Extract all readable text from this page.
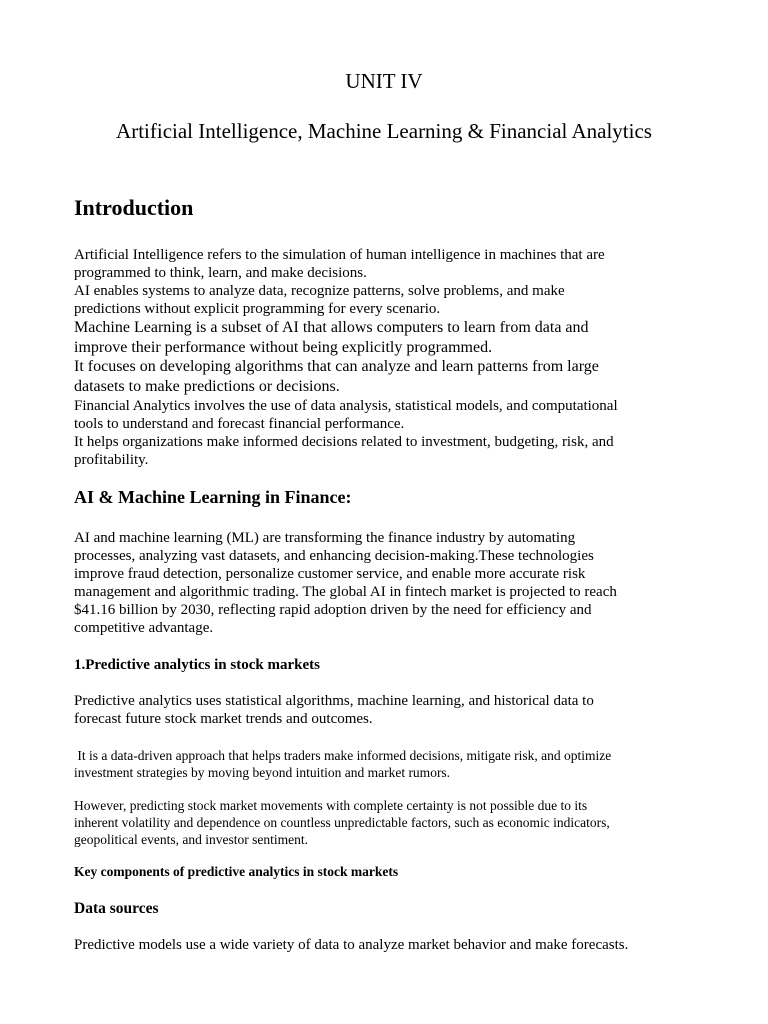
UNIT IV
Artificial Intelligence, Machine Learning & Financial Analytics
Introduction
Artificial Intelligence refers to the simulation of human intelligence in machines that are
programmed to think, learn, and make decisions.
AI enables systems to analyze data, recognize patterns, solve problems, and make
predictions without explicit programming for every scenario.
Machine Learning is a subset of AI that allows computers to learn from data and
improve their performance without being explicitly programmed.
It focuses on developing algorithms that can analyze and learn patterns from large
datasets to make predictions or decisions.
Financial Analytics involves the use of data analysis, statistical models, and computational
tools to understand and forecast financial performance.
It helps organizations make informed decisions related to investment, budgeting, risk, and
profitability.
AI & Machine Learning in Finance:
AI and machine learning (ML) are transforming the finance industry by automating
processes, analyzing vast datasets, and enhancing decision-making.These technologies
improve fraud detection, personalize customer service, and enable more accurate risk
management and algorithmic trading. The global AI in fintech market is projected to reach
$41.16 billion by 2030, reflecting rapid adoption driven by the need for efficiency and
competitive advantage.
1.Predictive analytics in stock markets
Predictive analytics uses statistical algorithms, machine learning, and historical data to
forecast future stock market trends and outcomes.
It is a data-driven approach that helps traders make informed decisions, mitigate risk, and optimize
investment strategies by moving beyond intuition and market rumors.
However, predicting stock market movements with complete certainty is not possible due to its
inherent volatility and dependence on countless unpredictable factors, such as economic indicators,
geopolitical events, and investor sentiment.
Key components of predictive analytics in stock markets
Data sources
Predictive models use a wide variety of data to analyze market behavior and make forecasts.
